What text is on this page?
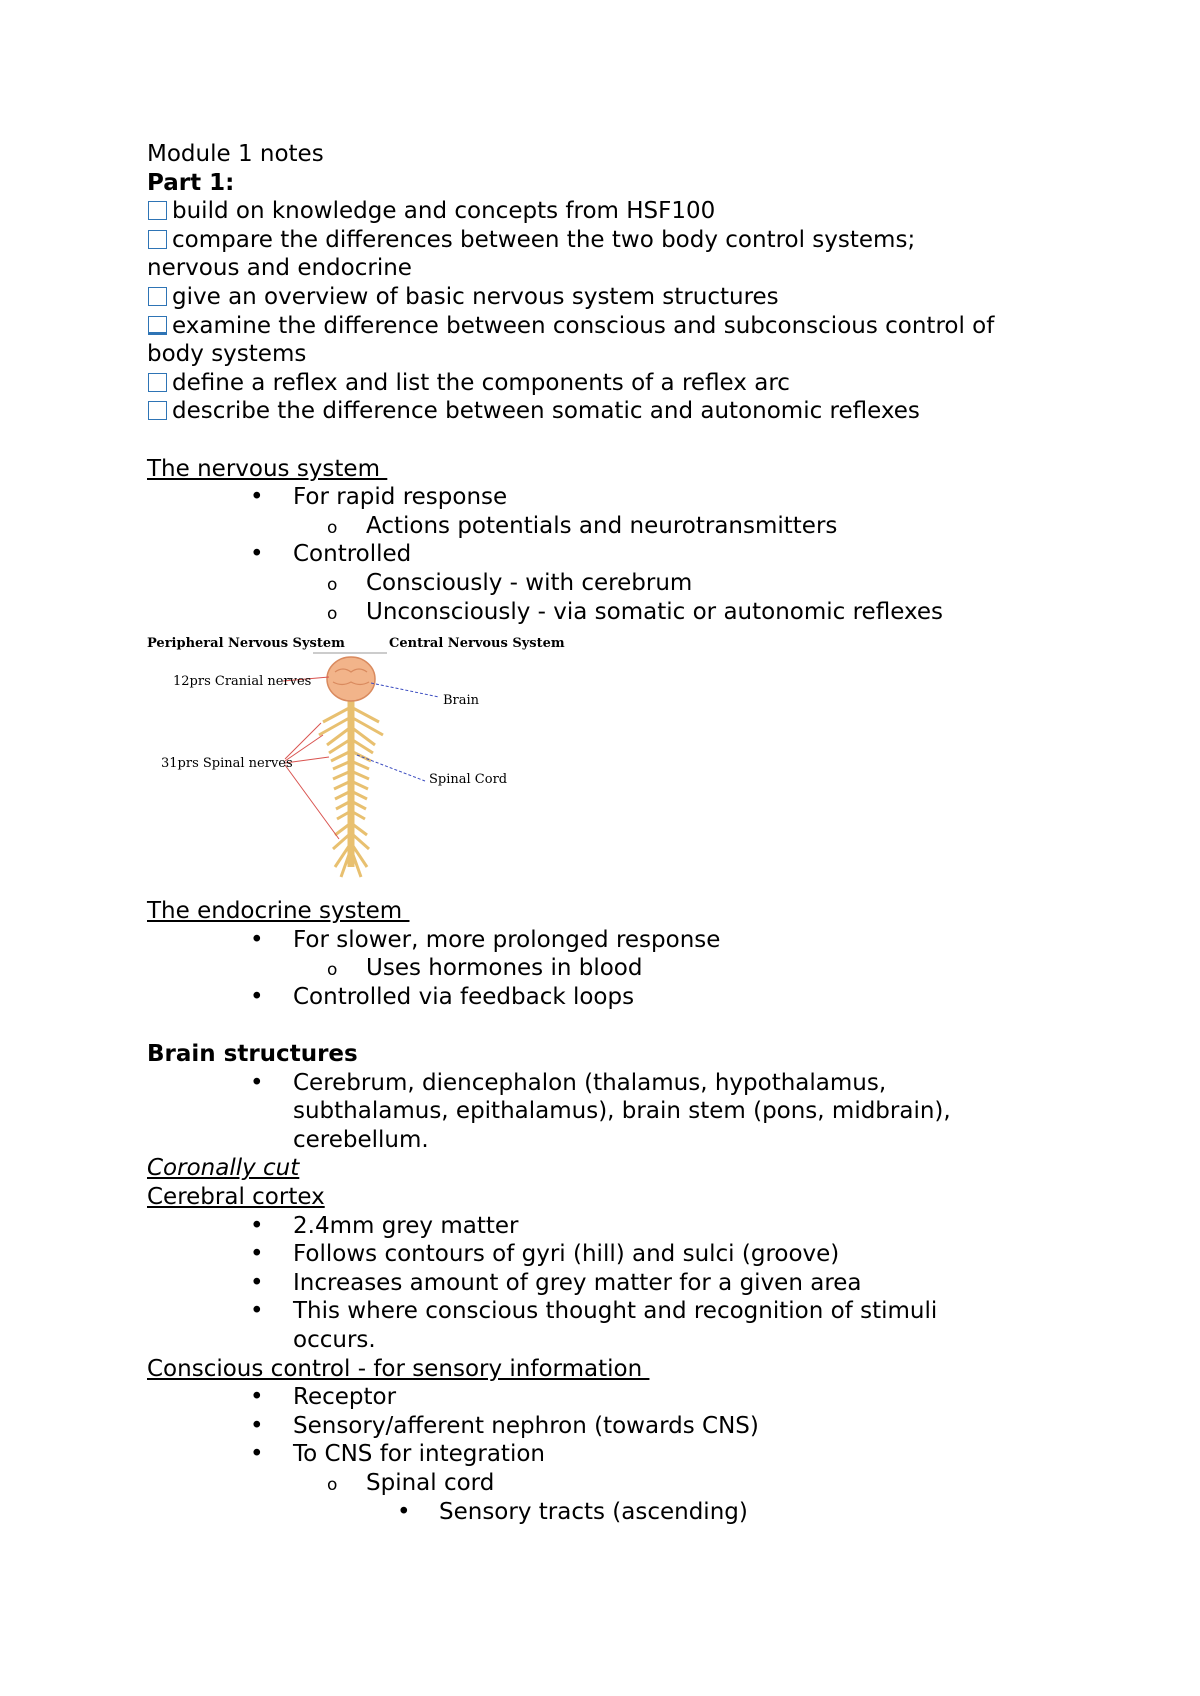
Module 1 notes
Part 1:
build on knowledge and concepts from HSF100
compare the differences between the two body control systems;
nervous and endocrine
give an overview of basic nervous system structures
examine the difference between conscious and subconscious control of
body systems
define a reflex and list the components of a reflex arc
describe the difference between somatic and autonomic reflexes
The nervous system
• For rapid response
o Actions potentials and neurotransmitters
• Controlled
o Consciously - with cerebrum
o Unconsciously - via somatic or autonomic reflexes
Peripheral Nervous System	Central Nervous System
12prs Cranial nerves
31prs Spinal nerves
Brain
Spinal Cord
The endocrine system
• For slower, more prolonged response
o Uses hormones in blood
• Controlled via feedback loops
Brain structures
• Cerebrum, diencephalon (thalamus, hypothalamus,
subthalamus, epithalamus), brain stem (pons, midbrain),
cerebellum.
Coronally cut
Cerebral cortex
• 2.4mm grey matter
• Follows contours of gyri (hill) and sulci (groove)
• Increases amount of grey matter for a given area
• This where conscious thought and recognition of stimuli
occurs.
Conscious control - for sensory information
• Receptor
• Sensory/afferent nephron (towards CNS)
• To CNS for integration
o Spinal cord
• Sensory tracts (ascending)
